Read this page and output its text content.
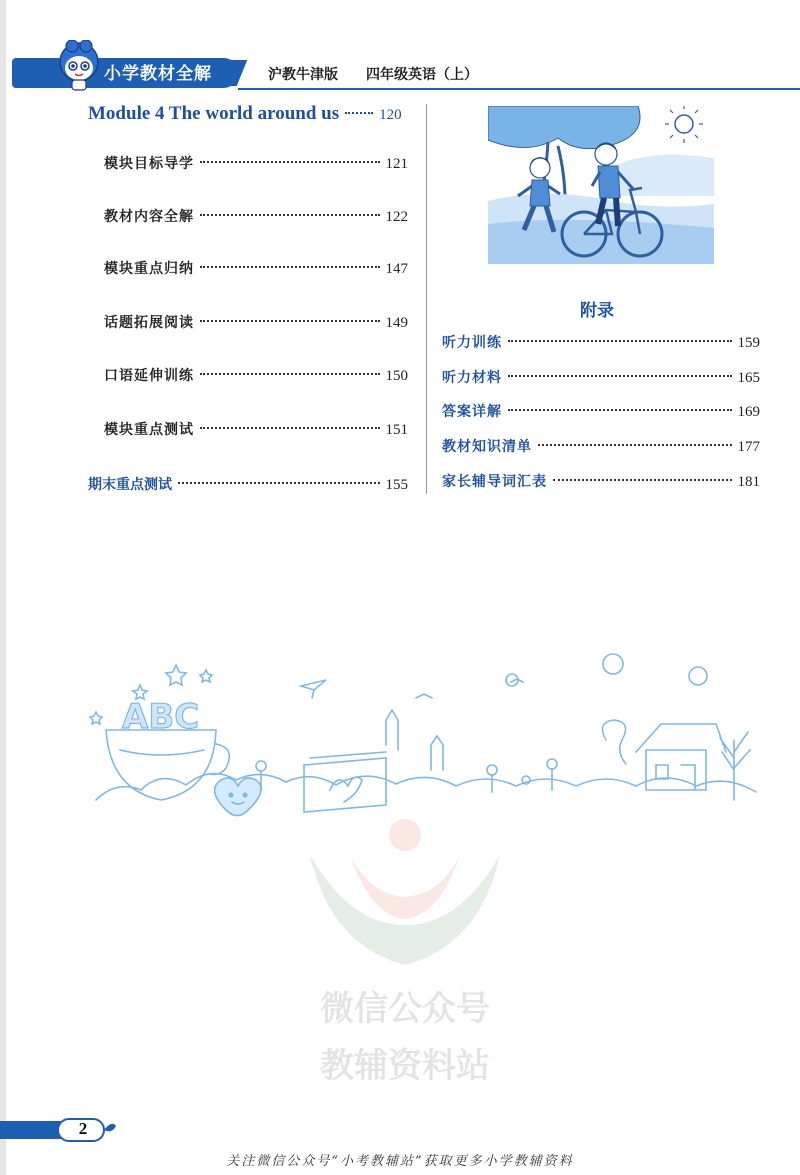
小学教材全解	沪教牛津版 四年级英语（上）
Module 4 The world around us	120
模块目标导学	121
教材内容全解	122
模块重点归纳	147
话题拓展阅读	149
口语延伸训练	150
模块重点测试	151
期末重点测试	155
附录
听力训练	159
听力材料	165
答案详解	169
教材知识清单	177
家长辅导词汇表	181
ABC
微信公众号
教辅资料站
2
关注微信公众号“小考教辅站”获取更多小学教辅资料
